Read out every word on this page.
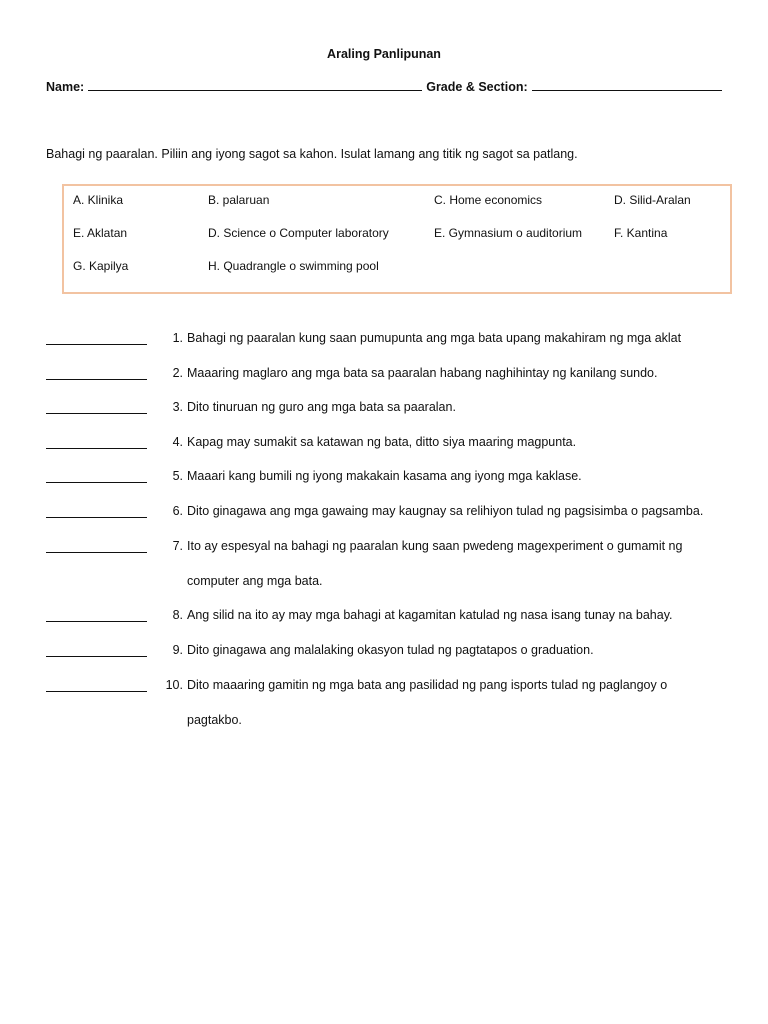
Araling Panlipunan
Name:	Grade & Section:
Bahagi ng paaralan. Piliin ang iyong sagot sa kahon. Isulat lamang ang titik ng sagot sa patlang.
A. Klinika	B. palaruan	C. Home economics	D. Silid-Aralan
E. Aklatan	D. Science o Computer laboratory	E. Gymnasium o auditorium	F. Kantina
G. Kapilya	H. Quadrangle o swimming pool
1. Bahagi ng paaralan kung saan pumupunta ang mga bata upang makahiram ng mga aklat
2. Maaaring maglaro ang mga bata sa paaralan habang naghihintay ng kanilang sundo.
3. Dito tinuruan ng guro ang mga bata sa paaralan.
4. Kapag may sumakit sa katawan ng bata, ditto siya maaring magpunta.
5. Maaari kang bumili ng iyong makakain kasama ang iyong mga kaklase.
6. Dito ginagawa ang mga gawaing may kaugnay sa relihiyon tulad ng pagsisimba o pagsamba.
7. Ito ay espesyal na bahagi ng paaralan kung saan pwedeng magexperiment o gumamit ng
computer ang mga bata.
8. Ang silid na ito ay may mga bahagi at kagamitan katulad ng nasa isang tunay na bahay.
9. Dito ginagawa ang malalaking okasyon tulad ng pagtatapos o graduation.
10. Dito maaaring gamitin ng mga bata ang pasilidad ng pang isports tulad ng paglangoy o
pagtakbo.
